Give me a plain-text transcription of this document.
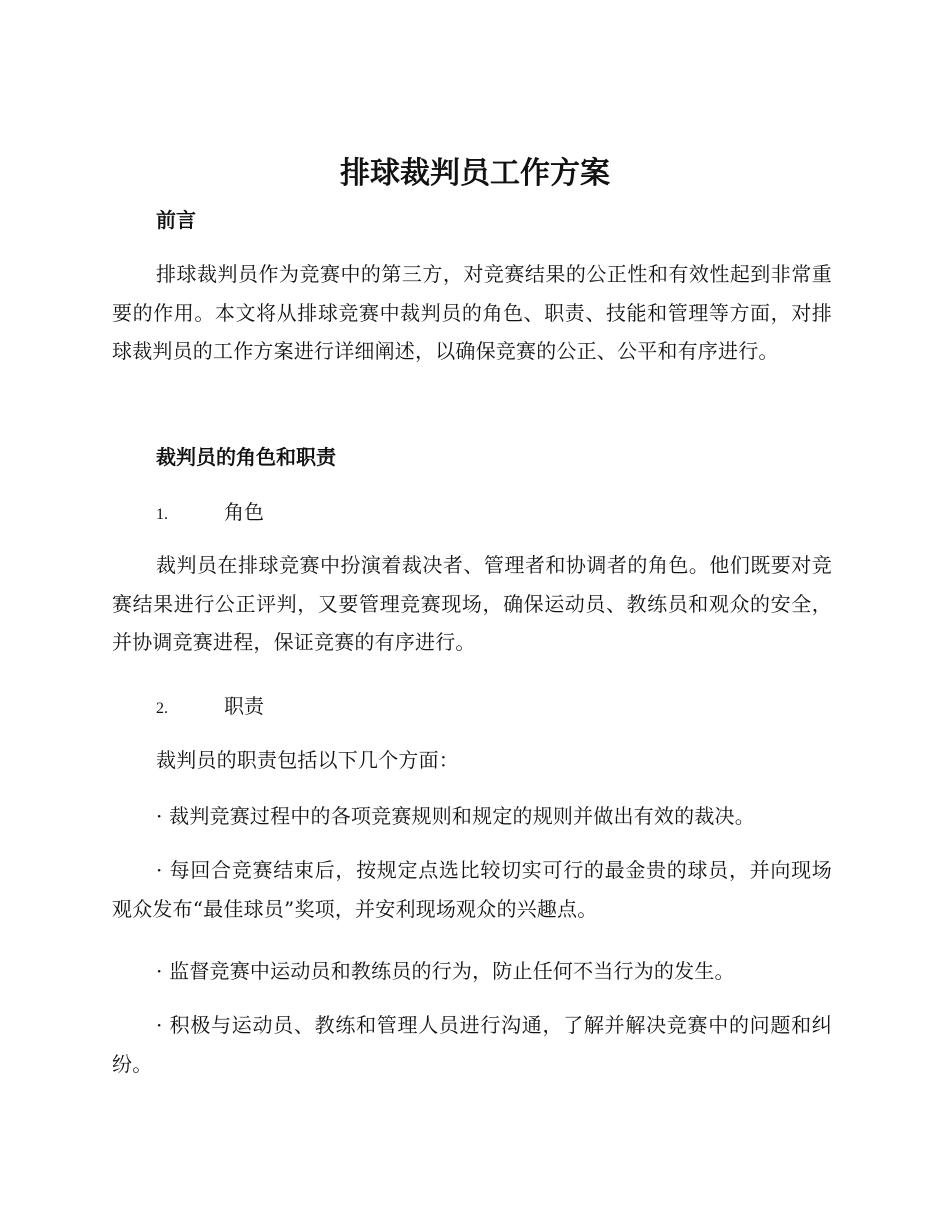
排球裁判员工作方案
前言

排球裁判员作为竞赛中的第三方，对竞赛结果的公正性和有效性起到非常重要的作用。本文将从排球竞赛中裁判员的角色、职责、技能和管理等方面，对排球裁判员的工作方案进行详细阐述，以确保竞赛的公正、公平和有序进行。

裁判员的角色和职责
1.	角色

裁判员在排球竞赛中扮演着裁决者、管理者和协调者的角色。他们既要对竞赛结果进行公正评判，又要管理竞赛现场，确保运动员、教练员和观众的安全，并协调竞赛进程，保证竞赛的有序进行。

2.	职责

裁判员的职责包括以下几个方面：

· 裁判竞赛过程中的各项竞赛规则和规定的规则并做出有效的裁决。

· 每回合竞赛结束后，按规定点选比较切实可行的最金贵的球员，并向现场观众发布“最佳球员”奖项，并安利现场观众的兴趣点。

· 监督竞赛中运动员和教练员的行为，防止任何不当行为的发生。

· 积极与运动员、教练和管理人员进行沟通，了解并解决竞赛中的问题和纠纷。
